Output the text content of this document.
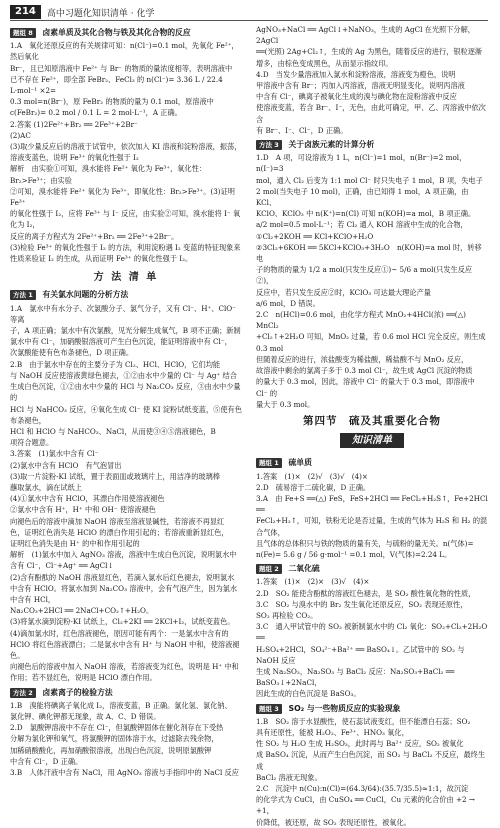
214	高中习题化知识清单 · 化学
题组 8 卤素单质及其化合物与铁及其化合物的反应

1.A　氧化还原反应的有关规律可知：n(Cl⁻)=0.1 mol，先氧化 Fe²⁺，然后氧化

Br⁻，且已知原溶液中 Fe²⁺ 与 Br⁻ 的物质的量浓度相等，表明溶液中

已不存在 Fe²⁺，即全部 FeBr₂、FeCl₃ 的 n(Cl⁻)= 3.36 L / 22.4 L·mol⁻¹ ×2=

0.3 mol=n(Br⁻)，原 FeBr₂ 的物质的量为 0.1 mol，原溶液中

c(FeBr₂)= 0.2 mol / 0.1 L = 2 mol·L⁻¹，A 正确。

2.答案 (1)2Fe²⁺+Br₂ ══ 2Fe³⁺+2Br⁻

(2)AC

(3)取少量反应后的溶液于试管中，依次加入 KI 溶液和淀粉溶液，振荡，

溶液变蓝色，说明 Fe³⁺ 的氧化性强于 I₂

解析　由实验①可知，溴水能将 Fe²⁺ 氧化为 Fe³⁺，氧化性：Br₂>Fe³⁺；由实验

②可知，溴水能将 Fe²⁺ 氧化为 Fe³⁺，即氧化性：Br₂>Fe³⁺。(3)证明 Fe³⁺

的氧化性强于 I₂，应将 Fe³⁺ 与 I⁻ 反应，由实验②可知，溴水能将 I⁻ 氧化为 I₂，

反应的离子方程式为 2Fe²⁺+Br₂ ══ 2Fe³⁺+2Br⁻。

(3)检验 Fe³⁺ 的氧化性强于 I₂ 的方法，利用淀粉遇 I₂ 变蓝的特征现象来

性质来验证 I₂ 的生成，从而证明 Fe³⁺ 的氧化性强于 I₂。

方 法 清 单
方法 1 有关氯水问题的分析方法

1.A　氯水中有水分子、次氯酸分子、氯气分子，又有 Cl⁻、H⁺、ClO⁻ 等离

子，A 项正确；氯水中有次氯酸，见光分解生成氧气，B 项不正确；新制

氯水中有 Cl⁻，加硝酸银溶液可产生白色沉淀，能证明溶液中有 Cl⁻，

次氯酸能使有色布条褪色，D 项正确。

2.B　由于氯水中存在的主要分子为 Cl₂、HCl、HClO，它们均能

与 NaOH 反应使溶液黄绿色褪去，①②由水中少量的 Cl⁻ 与 Ag⁺ 结合

生成白色沉淀，①②由水中少量的 HCl 与 Na₂CO₃ 反应，③由水中少量的

HCl 与 NaHCO₃ 反应，④氧化生成 Cl⁻ 使 KI 淀粉试纸变蓝，⑤使有色布条褪色，

HCl 和 HClO 与 NaHCO₃、NaCl，从而使③④⑤溶液褪色，B

项符合题意。

3.答案　(1)氯水中含有 Cl⁻

(2)氯水中含有 HClO　有气泡冒出

(3)取一片淀粉-KI 试纸，置于表面皿或玻璃片上，用洁净的玻璃棒

蘸取氯水，滴在试纸上

(4)①氯水中含有 HClO，其漂白作用使溶液褪色

②氯水中含有 H⁺，H⁺ 中和 OH⁻ 使溶液褪色

向褪色后的溶液中滴加 NaOH 溶液至溶液显碱性，若溶液不再显红

色，证明红色消失是 HClO 的漂白作用引起的；若溶液重新显红色，

证明红色消失是由 H⁺ 的中和作用引起的

解析　(1)氯水中加入 AgNO₃ 溶液，溶液中生成白色沉淀，说明氯水中

含有 Cl⁻，Cl⁻+Ag⁺ ══ AgCl↓

(2)含有酚酞的 NaOH 溶液显红色，若滴入氯水后红色褪去，说明氯水

中含有 HClO。将氯水加到 Na₂CO₃ 溶液中，会有气泡产生，因为氯水中含有 HCl，

Na₂CO₃+2HCl ══ 2NaCl+CO₂↑+H₂O。

(3)将氯水滴到淀粉-KI 试纸上，Cl₂+2KI ══ 2KCl+I₂，试纸变蓝色。

(4)滴加氯水时，红色溶液褪色，原因可能有两个：一是氯水中含有的

HClO 将红色溶液漂白；二是氯水中含有 H⁺ 与 NaOH 中和，使溶液褪色。

向褪色后的溶液中加入 NaOH 溶液，若溶液变为红色，说明是 H⁺ 中和

作用；若不显红色，说明是 HClO 漂白作用。

方法 2 卤素离子的检验方法

1.B　溴能将碘离子氧化成 I₂，溶液变蓝，B 正确。氯化氢、氯化钠、

氯化钾、碘化钾都无现象，故 A、C、D 错误。

2.D　氯酸钾溶液中不存在 Cl⁻，但氯酸钾固体在催化剂存在下受热

分解为氯化钾和氧气，将氯酸钾的固体溶于水，过滤除去残余物，

加稀硝酸酸化，再加硝酸银溶液，出现白色沉淀，说明原氯酸钾

中含有 Cl⁻，D 正确。

3.B　人体汗液中含有 NaCl，用 AgNO₃ 溶液与手指印中的 NaCl 反应

AgNO₃+NaCl ══ AgCl↓+NaNO₃，生成的 AgCl 在光照下分解，2AgCl

══(光照) 2Ag+Cl₂↑，生成的 Ag 为黑色，随着反应的进行，银粒逐渐

增多，由棕色变成黑色，从而显示指纹印。

4.D　当发少量溶液加入氯水和淀粉溶液，溶液变为橙色，说明

甲溶液中含有 Br⁻；丙加入丙溶液，溶液无明显变化，说明丙溶液

中含有 Cl⁻，碘离子被氧化生成的溴与碘化物在淀粉溶液中反应

使溶液变蓝，若含 Br⁻、I⁻，无色，由此可确定，甲、乙、丙溶液中依次含

有 Br⁻、I⁻、Cl⁻，D 正确。

方法 3 关于卤族元素的计算分析

1.D　A 项，可设溶液为 1 L，n(Cl⁻)=1 mol，n(Br⁻)=2 mol，n(I⁻)=3

mol，通入 Cl₂ 后变为 1:1 mol Cl⁻ 时只失电子 1 mol，B 项，失电子

2 mol(当失电子 10 mol)，正确，由已知得 1 mol，A 项正确，由 KCl、

KClO、KClO₃ 中 n(K⁺)=n(Cl) 可知 n(KOH)=a mol，B 项正确。

a/2 mol=0.5 mol·L⁻¹；若 Cl₂ 通入 KOH 溶液中生成的化合物，

①Cl₂+2KOH ══ KCl+KClO+H₂O

②3Cl₂+6KOH ══ 5KCl+KClO₃+3H₂O　n(KOH)=a mol 时，转移电

子的物质的量为 1/2 a mol(只发生反应①)~ 5/6 a mol(只发生反应②)，

反应中，若只发生反应②时，KClO₃ 可达最大理论产量

a/6 mol，D 错误。

2.C　n(HCl)=0.6 mol，由化学方程式 MnO₂+4HCl(浓) ══(△) MnCl₂

+Cl₂↑+2H₂O 可知，MnO₂ 过量，若 0.6 mol HCl 完全反应，则生成 0.3 mol

但随着反应的进行，浓盐酸变为稀盐酸，稀盐酸不与 MnO₂ 反应，

故溶液中剩余的氯离子多于 0.3 mol Cl⁻，故生成 AgCl 沉淀的物质

的量大于 0.3 mol，因此，溶液中 Cl⁻ 的量大于 0.3 mol，即溶液中 Cl⁻ 的

量大于 0.3 mol。

第四节　硫及其重要化合物
知识清单
题组 1 硫单质

1.答案　(1)×　(2)√　(3)√　(4)×

2.D　硫易溶于二硫化碳，D 正确。

3.A　由 Fe+S ══(△) FeS，FeS+2HCl ══ FeCl₂+H₂S↑，Fe+2HCl ══

FeCl₂+H₂↑，可知，铁粉无论是否过量，生成的气体为 H₂S 和 H₂ 的混合气体，

且气体的总体积只与铁的物质的量有关，与硫粉的量无关。n(气体)=

n(Fe)= 5.6 g / 56 g·mol⁻¹ =0.1 mol，V(气体)=2.24 L。

题组 2 二氧化硫

1.答案　(1)×　(2)×　(3)√　(4)×

2.D　SO₂ 能使含酚酞的溶液红色褪去，是 SO₂ 酸性氧化物的性质，

3.C　SO₂ 与溴水中的 Br₂ 发生氧化还原反应，SO₂ 表现还原性，

SO₂ 再检验 CO₂。

3.C　通入甲试管中的 SO₂ 被新制氯水中的 Cl₂ 氧化：SO₂+Cl₂+2H₂O ══

H₂SO₄+2HCl，SO₄²⁻+Ba²⁺ ══ BaSO₄↓。乙试管中的 SO₂ 与 NaOH 反应

生成 Na₂SO₃，Na₂SO₃ 与 BaCl₂ 反应：Na₂SO₃+BaCl₂ ══ BaSO₃↓+2NaCl，

因此生成的白色沉淀是 BaSO₃。

题组 3 SO₂ 与一些物质反应的实验现象

1.B　SO₂ 溶于水显酸性，使石蕊试液变红，但不能漂白石蕊；SO₂

具有还原性，能被 H₂O₂、Fe³⁺、HNO₃ 氧化，

性 SO₂ 与 H₂O 生成 H₂SO₃，此时再与 Ba²⁺ 反应，SO₂ 被氧化

成 BaSO₄ 沉淀，从而产生白色沉淀，而 SO₂ 与 BaCl₂ 不反应，最终生成

BaCl₂ 溶液无现象。

2.C　沉淀中 n(Cu):n(Cl)=(64.3/64):(35.7/35.5)≈1:1，故沉淀

的化学式为 CuCl，由 CuSO₄ ══ CuCl，Cu 元素的化合价由 +2 → +1，

价降低，被还原，故 SO₂ 表现还原性，被氧化。
